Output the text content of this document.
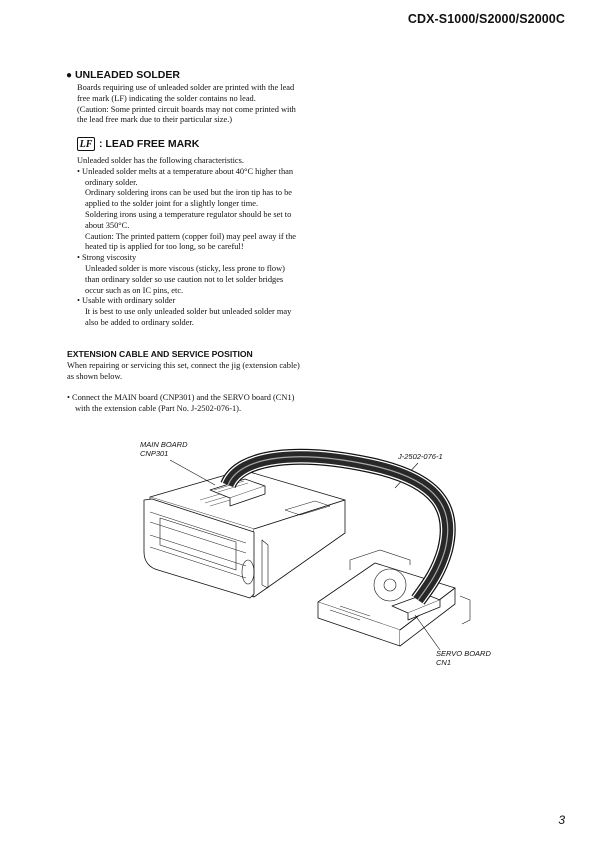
CDX-S1000/S2000/S2000C
● UNLEADED SOLDER

Boards requiring use of unleaded solder are printed with the lead

free mark (LF) indicating the solder contains no lead.

(Caution: Some printed circuit boards may not come printed with

the lead free mark due to their particular size.)

LF : LEAD FREE MARK

Unleaded solder has the following characteristics.

• Unleaded solder melts at a temperature about 40°C higher than

ordinary solder.

Ordinary soldering irons can be used but the iron tip has to be

applied to the solder joint for a slightly longer time.

Soldering irons using a temperature regulator should be set to

about 350°C.

Caution: The printed pattern (copper foil) may peel away if the

heated tip is applied for too long, so be careful!

• Strong viscosity

Unleaded solder is more viscous (sticky, less prone to flow)

than ordinary solder so use caution not to let solder bridges

occur such as on IC pins, etc.

• Usable with ordinary solder

It is best to use only unleaded solder but unleaded solder may

also be added to ordinary solder.

EXTENSION CABLE AND SERVICE POSITION

When repairing or servicing this set, connect the jig (extension cable)

as shown below.

• Connect the MAIN board (CNP301) and the SERVO board (CN1)

with the extension cable (Part No. J-2502-076-1).

MAIN BOARD
CNP301	J-2502-076-1
SERVO BOARD
CN1
3
